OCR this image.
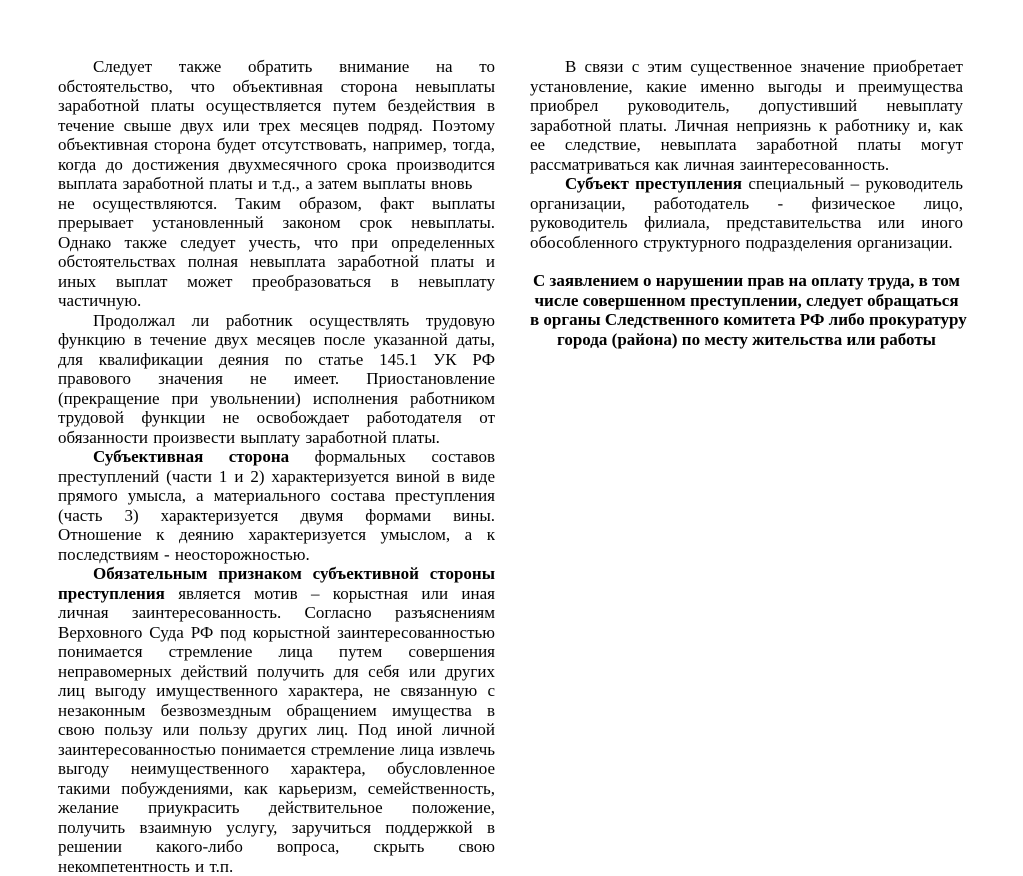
Следует также обратить внимание на то обстоятельство, что объективная сторона невыплаты заработной платы осуществляется путем бездействия в течение свыше двух или трех месяцев подряд. Поэтому объективная сторона будет отсутствовать, например, тогда, когда до достижения двухмесячного срока производится выплата заработной платы и т.д., а затем выплаты вновь

не осуществляются. Таким образом, факт выплаты прерывает установленный законом срок невыплаты. Однако также следует учесть, что при определенных обстоятельствах полная невыплата заработной платы и иных выплат может преобразоваться в невыплату частичную.

Продолжал ли работник осуществлять трудовую функцию в течение двух месяцев после указанной даты, для квалификации деяния по статье 145.1 УК РФ правового значения не имеет. Приостановление (прекращение при увольнении) исполнения работником трудовой функции не освобождает работодателя от обязанности произвести выплату заработной платы.

Субъективная сторона формальных составов преступлений (части 1 и 2) характеризуется виной в виде прямого умысла, а материального состава преступления (часть 3) характеризуется двумя формами вины. Отношение к деянию характеризуется умыслом, а к последствиям - неосторожностью.

Обязательным признаком субъективной стороны преступления является мотив – корыстная или иная личная заинтересованность. Согласно разъяснениям Верховного Суда РФ под корыстной заинтересованностью понимается стремление лица путем совершения неправомерных действий получить для себя или других лиц выгоду имущественного характера, не связанную с незаконным безвозмездным обращением имущества в свою пользу или пользу других лиц. Под иной личной заинтересованностью понимается стремление лица извлечь выгоду неимущественного характера, обусловленное такими побуждениями, как карьеризм, семейственность, желание приукрасить действительное положение, получить взаимную услугу, заручиться поддержкой в решении какого-либо вопроса, скрыть свою некомпетентность и т.п.

В связи с этим существенное значение приобретает установление, какие именно выгоды и преимущества приобрел руководитель, допустивший невыплату заработной платы. Личная неприязнь к работнику и, как ее следствие, невыплата заработной платы могут рассматриваться как личная заинтересованность.

Субъект преступления специальный – руководитель организации, работодатель - физическое лицо, руководитель филиала, представительства или иного обособленного структурного подразделения организации.

С заявлением о нарушении прав на оплату труда, в том
числе совершенном преступлении, следует обращаться
в органы Следственного комитета РФ либо прокуратуру
города (района) по месту жительства или работы
